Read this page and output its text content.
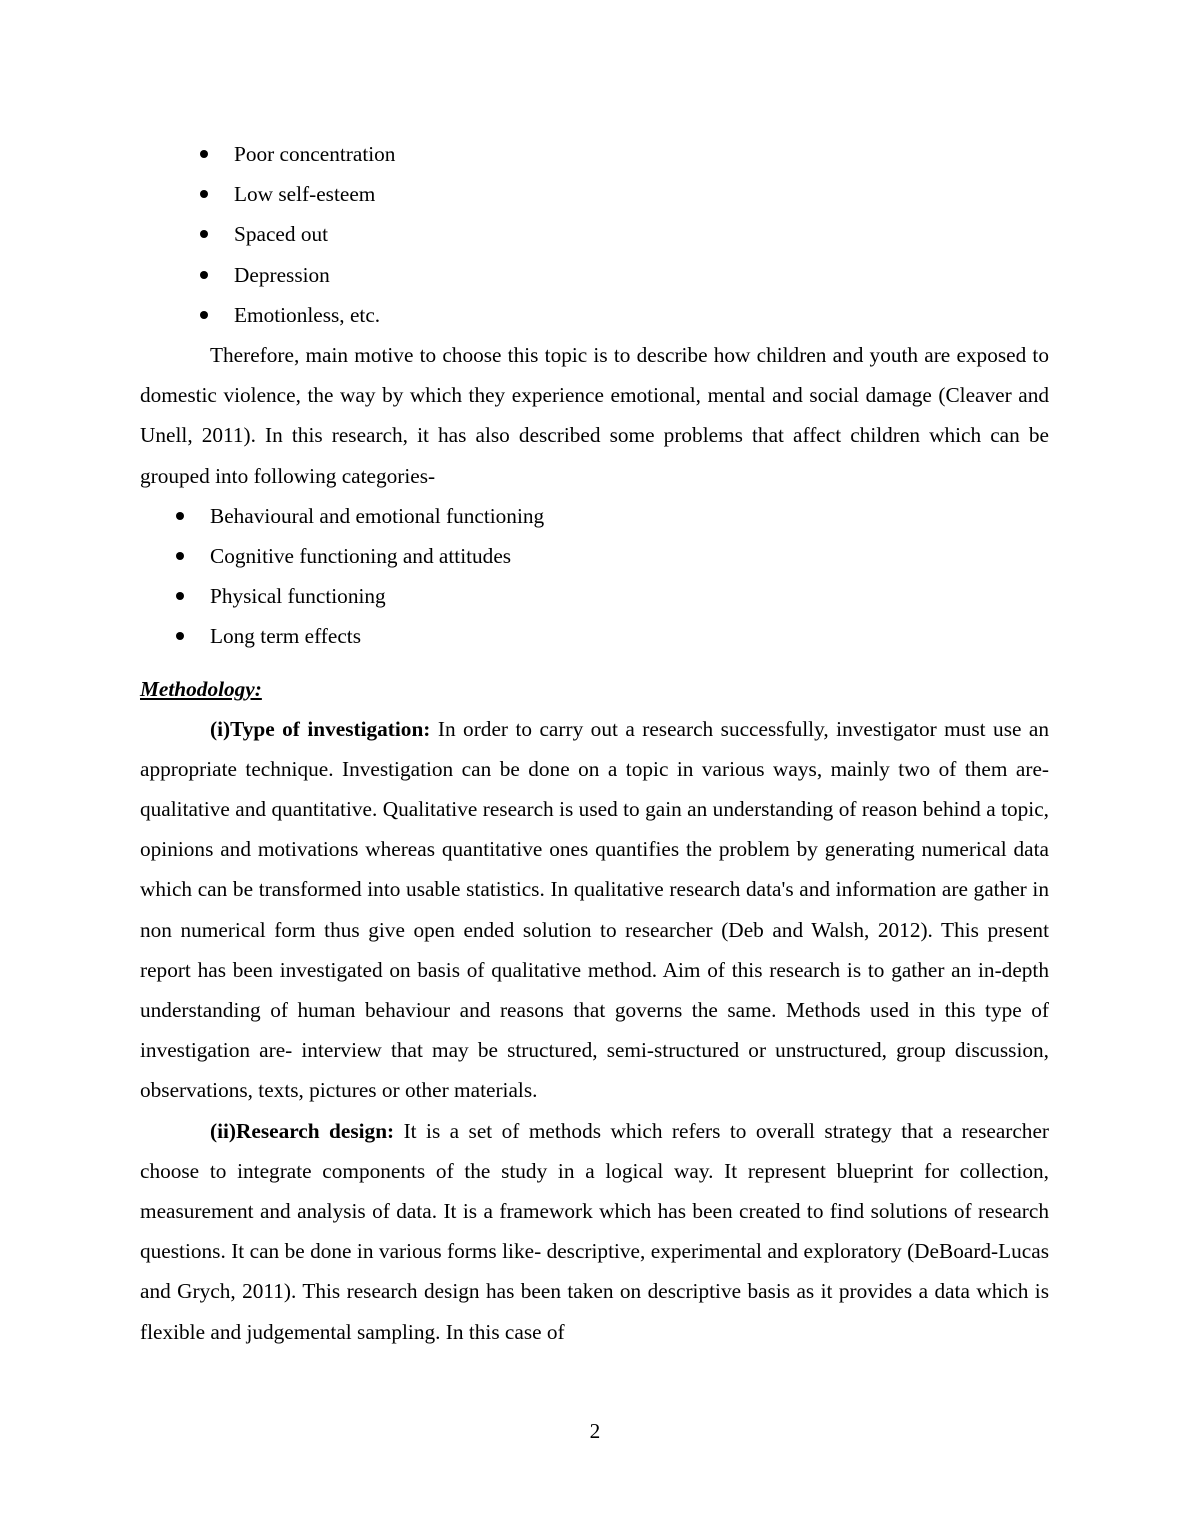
Poor concentration
Low self-esteem
Spaced out
Depression
Emotionless, etc.

Therefore, main motive to choose this topic is to describe how children and youth are exposed to domestic violence, the way by which they experience emotional, mental and social damage (Cleaver and Unell, 2011). In this research, it has also described some problems that affect children which can be grouped into following categories-

Behavioural and emotional functioning
Cognitive functioning and attitudes
Physical functioning
Long term effects
Methodology:

(i)Type of investigation: In order to carry out a research successfully, investigator must use an appropriate technique. Investigation can be done on a topic in various ways, mainly two of them are- qualitative and quantitative. Qualitative research is used to gain an understanding of reason behind a topic, opinions and motivations whereas quantitative ones quantifies the problem by generating numerical data which can be transformed into usable statistics. In qualitative research data's and information are gather in non numerical form thus give open ended solution to researcher (Deb and Walsh, 2012). This present report has been investigated on basis of qualitative method. Aim of this research is to gather an in-depth understanding of human behaviour and reasons that governs the same. Methods used in this type of investigation are- interview that may be structured, semi-structured or unstructured, group discussion, observations, texts, pictures or other materials.

(ii)Research design: It is a set of methods which refers to overall strategy that a researcher choose to integrate components of the study in a logical way. It represent blueprint for collection, measurement and analysis of data. It is a framework which has been created to find solutions of research questions. It can be done in various forms like- descriptive, experimental and exploratory (DeBoard-Lucas and Grych, 2011). This research design has been taken on descriptive basis as it provides a data which is flexible and judgemental sampling. In this case of

2
